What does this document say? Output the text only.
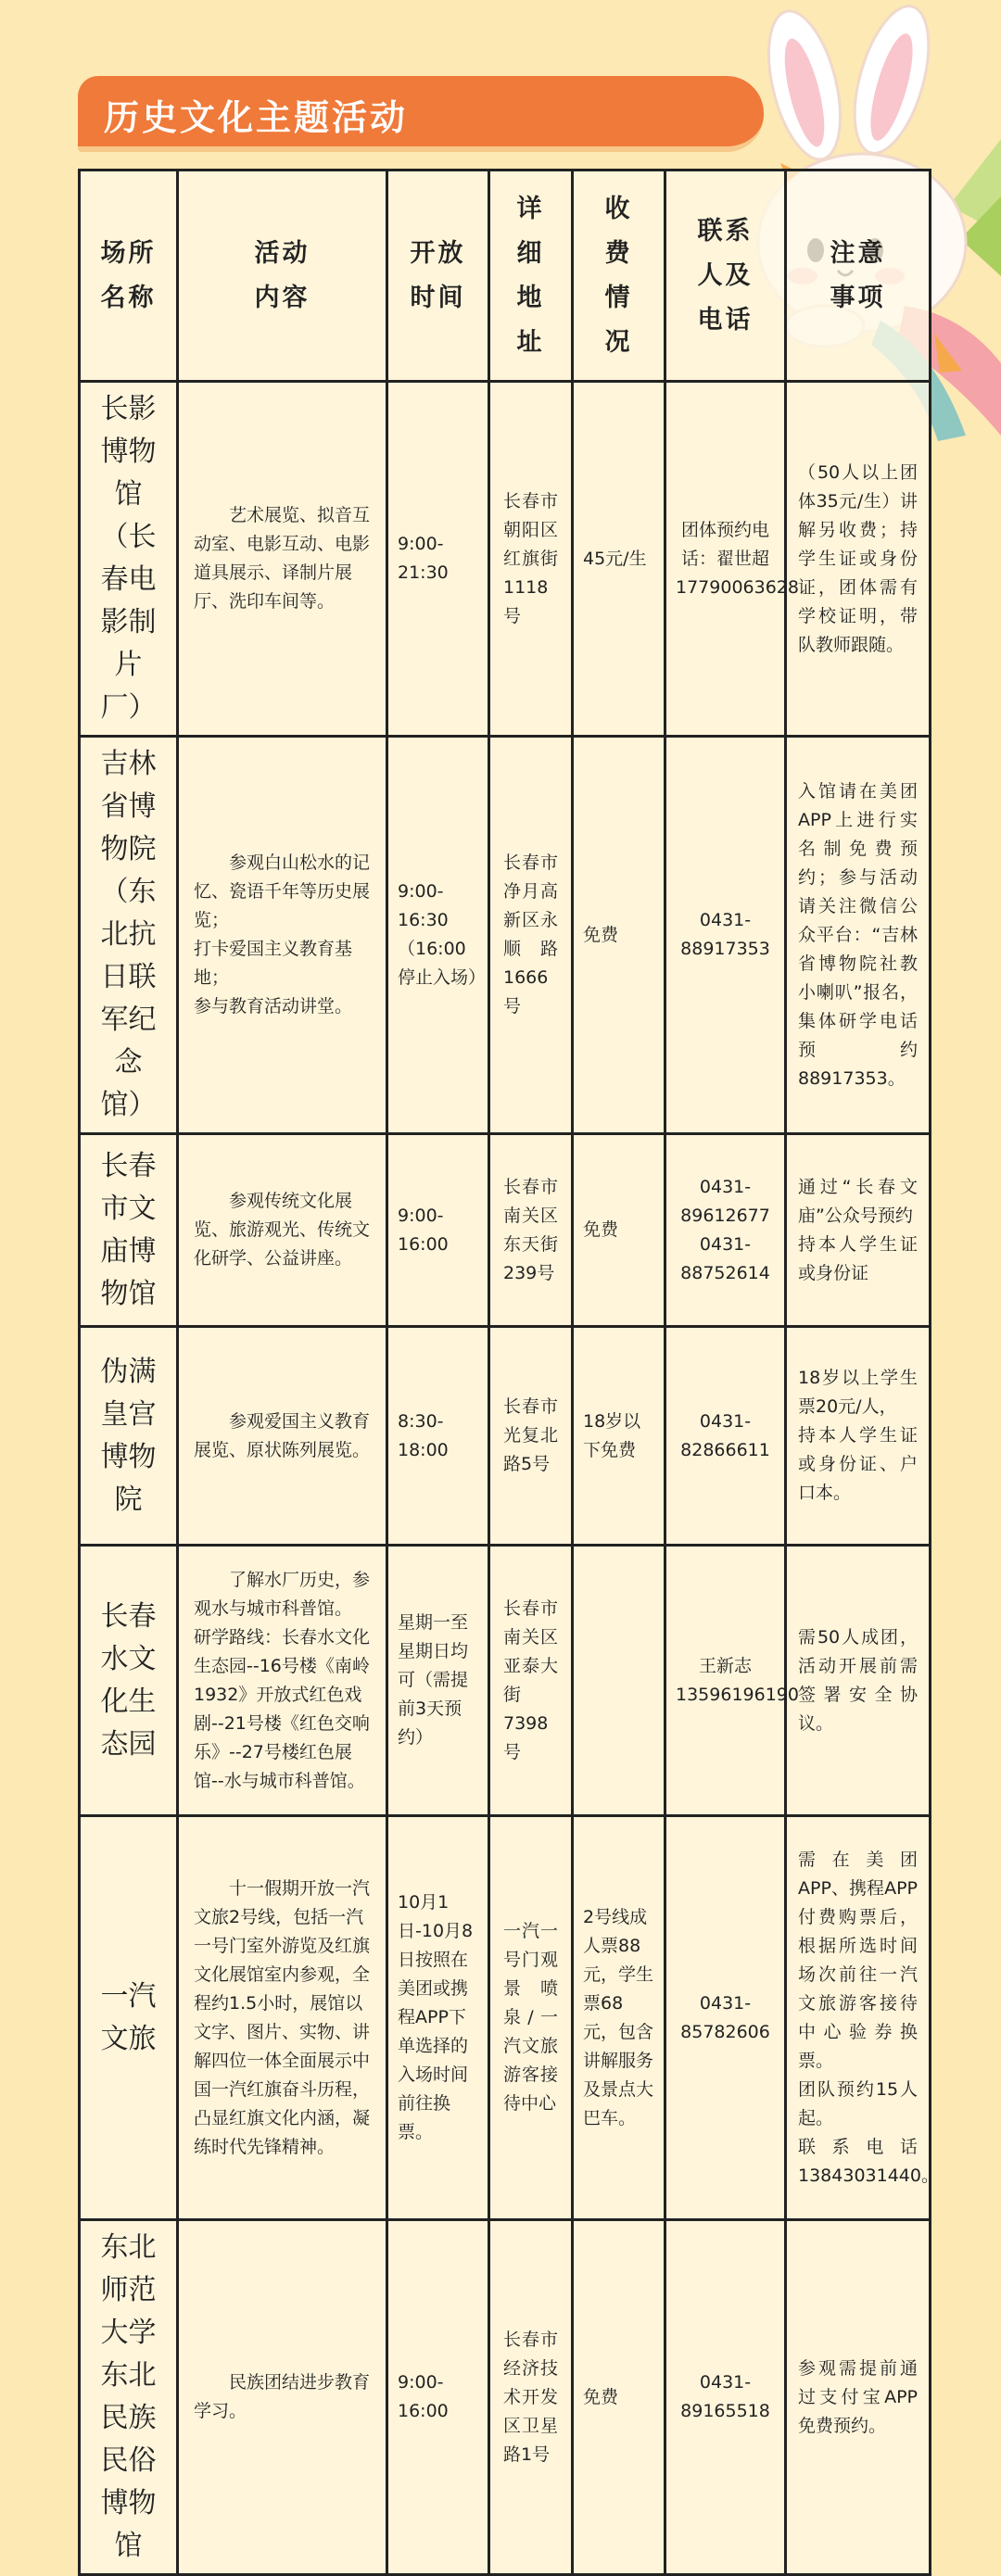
历史文化主题活动
场所
名称	活动
内容	开放
时间	详
细
地
址	收
费
情
况	联系
人及
电话	注意
事项
长影博物馆（长春电影制片厂）	艺术展览、拟音互动室、电影互动、电影道具展示、译制片展厅、洗印车间等。	9:00-21:30	长春市朝阳区红旗街1118号	45元/生	团体预约电话：翟世超17790063628	（50人以上团体35元/生）讲解另收费；持学生证或身份证，团体需有学校证明，带队教师跟随。
吉林省博物院（东北抗日联军纪念馆）	参观白山松水的记忆、瓷语千年等历史展览；
打卡爱国主义教育基地；
参与教育活动讲堂。	9:00-16:30（16:00停止入场）	长春市净月高新区永顺路1666号	免费	0431-88917353	入馆请在美团APP上进行实名制免费预约；参与活动请关注微信公众平台：“吉林省博物院社教小喇叭”报名，集体研学电话预约88917353。
长春市文庙博物馆	参观传统文化展览、旅游观光、传统文化研学、公益讲座。	9:00-16:00	长春市南关区东天街239号	免费	0431-89612677
0431-88752614	通过“长春文庙”公众号预约
持本人学生证或身份证
伪满皇宫博物院	参观爱国主义教育展览、原状陈列展览。	8:30-18:00	长春市光复北路5号	18岁以下免费	0431-82866611	18岁以上学生票20元/人，
持本人学生证或身份证、户口本。
长春水文化生态园	了解水厂历史，参观水与城市科普馆。
研学路线：长春水文化生态园--16号楼《南岭1932》开放式红色戏剧--21号楼《红色交响乐》--27号楼红色展馆--水与城市科普馆。	星期一至星期日均可（需提前3天预约）	长春市南关区亚泰大街7398号		王新志13596196190	需50人成团，活动开展前需签署安全协议。
一汽文旅	十一假期开放一汽文旅2号线，包括一汽一号门室外游览及红旗文化展馆室内参观，全程约1.5小时，展馆以文字、图片、实物、讲解四位一体全面展示中国一汽红旗奋斗历程，凸显红旗文化内涵，凝练时代先锋精神。	10月1日-10月8日按照在美团或携程APP下单选择的入场时间前往换票。	一汽一号门观景喷泉/一汽文旅游客接待中心	2号线成人票88元，学生票68元，包含讲解服务及景点大巴车。	0431-85782606	需在美团APP、携程APP付费购票后，根据所选时间场次前往一汽文旅游客接待中心验券换票。
团队预约15人起。
联系电话13843031440。
东北师范大学东北民族民俗博物馆	民族团结进步教育学习。	9:00-16:00	长春市经济技术开发区卫星路1号	免费	0431-89165518	参观需提前通过支付宝APP免费预约。
